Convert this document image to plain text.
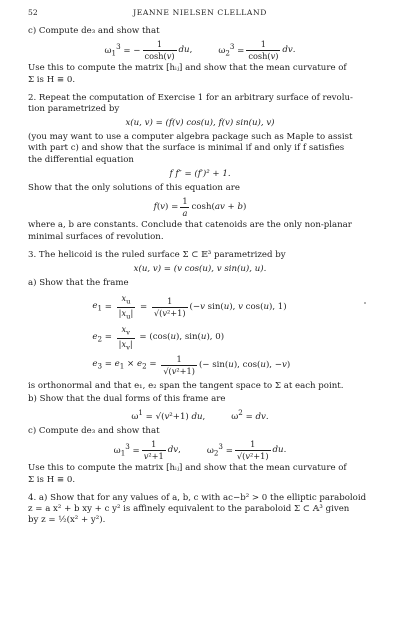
52	JEANNE NIELSEN CLELLAND
c) Compute de₃ and show that
$\omega_1^3$ = − $\frac{1}{\cosh(v)}$ du,	$\omega_2^3 = \frac{1}{\cosh(v)}$ dv.
Use this to compute the matrix [hᵢⱼ] and show that the mean curvature of
Σ is H ≡ 0.
2. Repeat the computation of Exercise 1 for an arbitrary surface of revolu-
tion parametrized by
x(u, v) = (f(v) cos(u), f(v) sin(u), v)
(you may want to use a computer algebra package such as Maple to assist
with part c) and show that the surface is minimal if and only if f satisfies
the differential equation
f f″ = (f′)² + 1.
Show that the only solutions of this equation are
$f(v) = \frac{1}{a} \cosh(av + b)$
where a, b are constants. Conclude that catenoids are the only non-planar
minimal surfaces of revolution.
3. The helicoid is the ruled surface Σ ⊂ 𝔼³ parametrized by
x(u, v) = (v cos(u), v sin(u), u).
a) Show that the frame
$e_1 = \frac{x_u}{|x_u|} = \frac{1}{\text{√(v²+1)}} (-v$ sin(u), v cos(u), 1)
$e_2 = \frac{x_v}{|x_v|} = (\cos(u)$, sin(u), 0)
$e_3 = e_1 \times e_2 = \frac{1}{\text{√(v²+1)}}$ (− sin(u), cos(u), −v)
is orthonormal and that e₁, e₂ span the tangent space to Σ at each point.
b) Show that the dual forms of this frame are
$\omega^1 = √(v^2+1)$ du,	$\omega^2$ = dv.
c) Compute de₃ and show that
$\omega_1^3 = \frac{1}{\text{v²+1}}$ dv,	$\omega_2^3 = \frac{1}{\text{√(v²+1)}}$ du.
Use this to compute the matrix [hᵢⱼ] and show that the mean curvature of
Σ is H ≡ 0.
4. a) Show that for any values of a, b, c with ac−b² > 0 the elliptic paraboloid
z = a x² + b xy + c y² is affinely equivalent to the paraboloid Σ ⊂ 𝔸³ given
by z = ½(x² + y²).
